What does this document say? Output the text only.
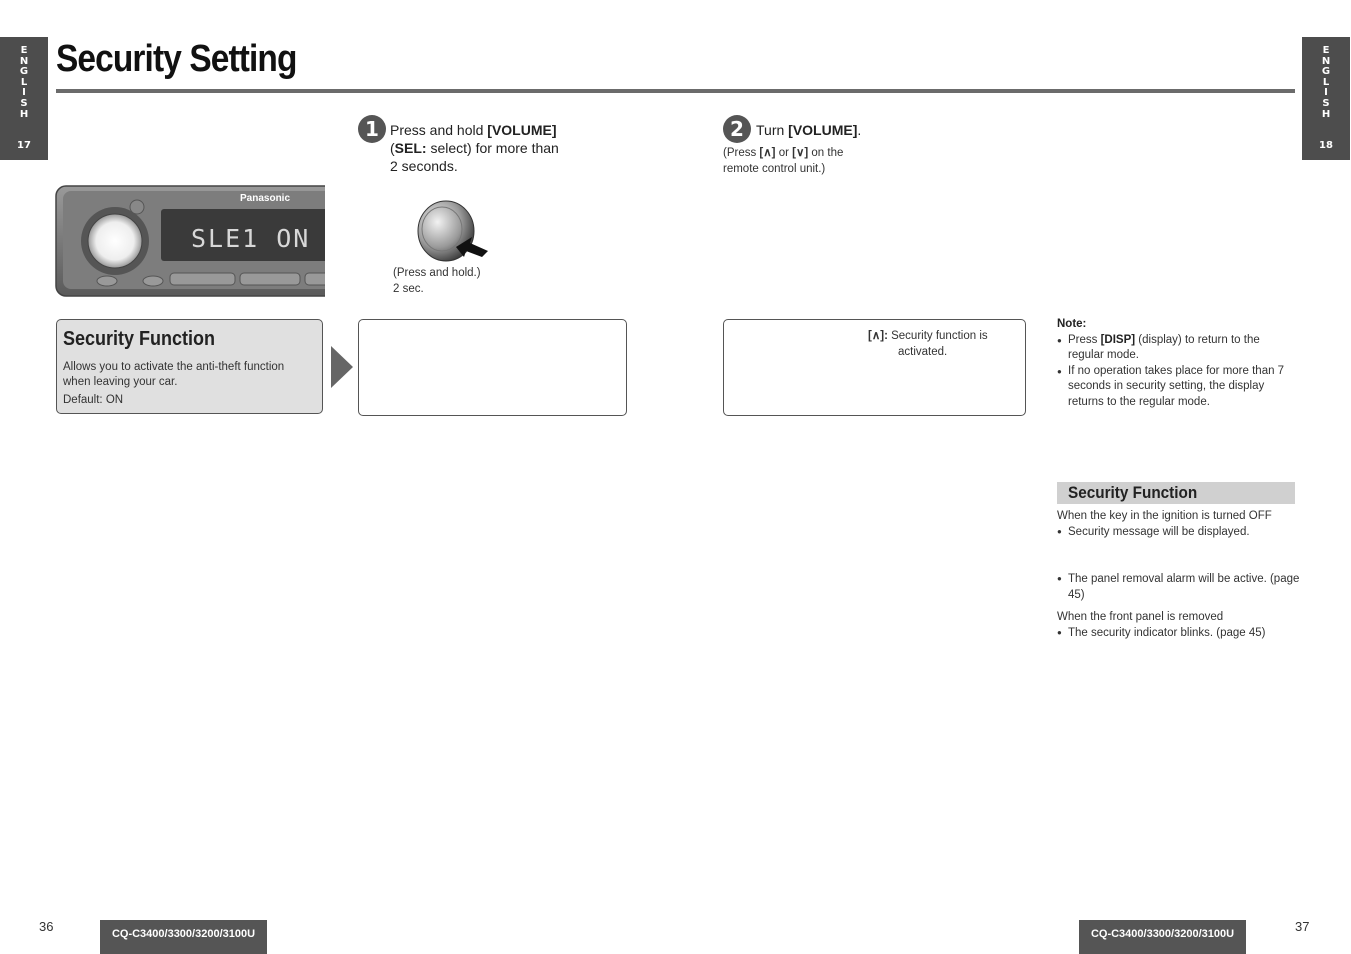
E
N
G
L
I
S
H
17
E
N
G
L
I
S
H
18
Security Setting
SLE1 ON
Panasonic
1 Press and hold [VOLUME]
(SEL: select) for more than
2 seconds.
(Press and hold.)
2 sec.
2 Turn [VOLUME].
(Press [∧] or [∨] on the
remote control unit.)
Security Function
Allows you to activate the anti-theft function when leaving your car.
Default: ON
[∧]: Security function is
activated.
Note:
● Press [DISP] (display) to return to the regular mode.
● If no operation takes place for more than 7 seconds in security setting, the display returns to the regular mode.
Security Function
When the key in the ignition is turned OFF
● Security message will be displayed.
● The panel removal alarm will be active. (page 45)
When the front panel is removed
● The security indicator blinks. (page 45)
36	CQ-C3400/3300/3200/3100U	CQ-C3400/3300/3200/3100U	37
